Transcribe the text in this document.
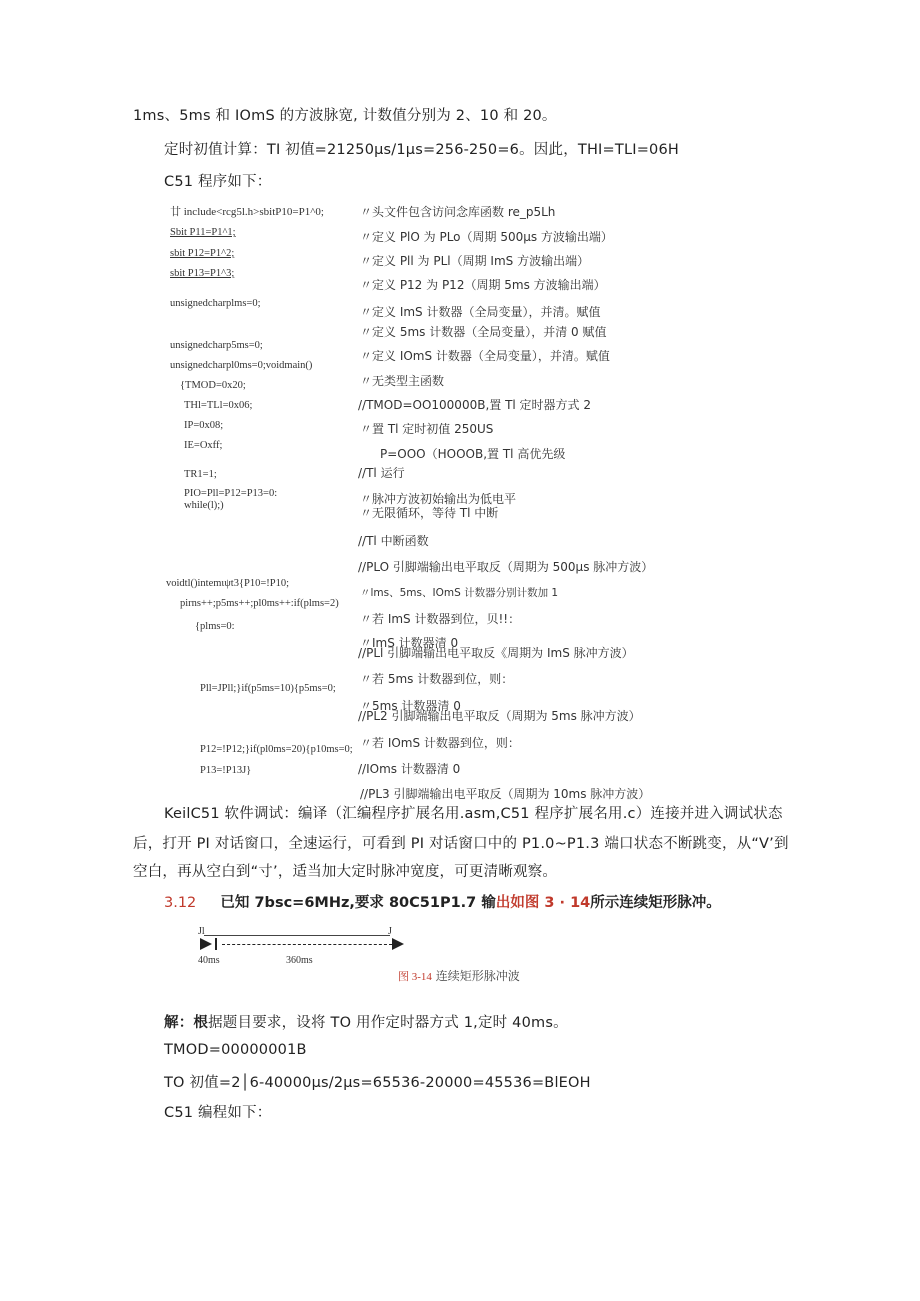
1ms、5ms 和 IOmS 的方波脉宽, 计数值分别为 2、10 和 20。
定时初值计算：TI 初值=21250μs∕1μs=256-250=6。因此，THI=TLI=06H
C51 程序如下：
廿 include<rcg5l.h>sbitP10=P1^0;
Sbit P11=P1^1;
sbit P12=P1^2;
sbit P13=P1^3;
unsignedcharplms=0;
unsignedcharp5ms=0;
unsignedcharpl0ms=0;voidmain()
{TMOD=0x20;
THl=TLl=0x06;
IP=0x08;
IE=Oxff;
TR1=1;
PIO=Pll=P12=P13=0:
while(l);)
voidtl()intemιψt3{P10=!P10;
pirns++;p5ms++;pl0ms++:if(plms=2)
{plms=0:
Pll=JPll;}if(p5ms=10){p5ms=0;
P12=!P12;}if(pl0ms=20){p10ms=0;
P13=!P13J}
〃头文件包含访问念库函数 re_p5Lh
〃定义 PlO 为 PLo（周期 500μs 方波输出端）
〃定义 Pll 为 PLl（周期 ImS 方波输出端）
〃定义 P12 为 P12（周期 5ms 方波输出端）
〃定义 ImS 计数器（全局变量），并清。赋值
〃定义 5ms 计数器（全局变量），并清 0 赋值
〃定义 IOmS 计数器（全局变量），并清。赋值
〃无类型主函数
//TMOD=OO100000B,置 Tl 定时器方式 2
〃置 Tl 定时初值 250US
P=OOO（HOOOB,置 Tl 高优先级
//Tl 运行
〃脉冲方波初始输出为低电平
〃无限循环，等待 Tl 中断
//Tl 中断函数
//PLO 引脚端输出电平取反（周期为 500μs 脉冲方波）
〃lms、5ms、IOmS 计数器分别计数加 1
〃若 ImS 计数器到位，贝!!：
〃ImS 计数器清 0
//PLl 引脚端输出电平取反《周期为 ImS 脉冲方波）
〃若 5ms 计数器到位，则：
〃5ms 计数器清 0
//PL2 引脚端输出电平取反（周期为 5ms 脉冲方波）
〃若 IOmS 计数器到位，则：
//IOms 计数器清 0
//PL3 引脚端输出电平取反（周期为 10ms 脉冲方波）
KeilC51 软件调试：编译（汇编程序扩展名用.asm,C51 程序扩展名用.c）连接并进入调试状态
后，打开 PI 对话窗口，全速运行，可看到 PI 对话窗口中的 P1.0~P1.3 端口状态不断跳变，从“V’到
空白，再从空白到“寸’，适当加大定时脉冲宽度，可更清晰观察。
3.12 已知 7bsc=6MHz,要求 80C51P1.7 输出如图 3 · 14所示连续矩形脉冲。
Jl	J
40ms	360ms
图 3-14 连续矩形脉冲波
解：根据题目要求，设将 TO 用作定时器方式 1,定时 40ms。
TMOD=00000001B
TO 初值=2│6-40000μs∕2μs=65536-20000=45536=BlEOH
C51 编程如下：
